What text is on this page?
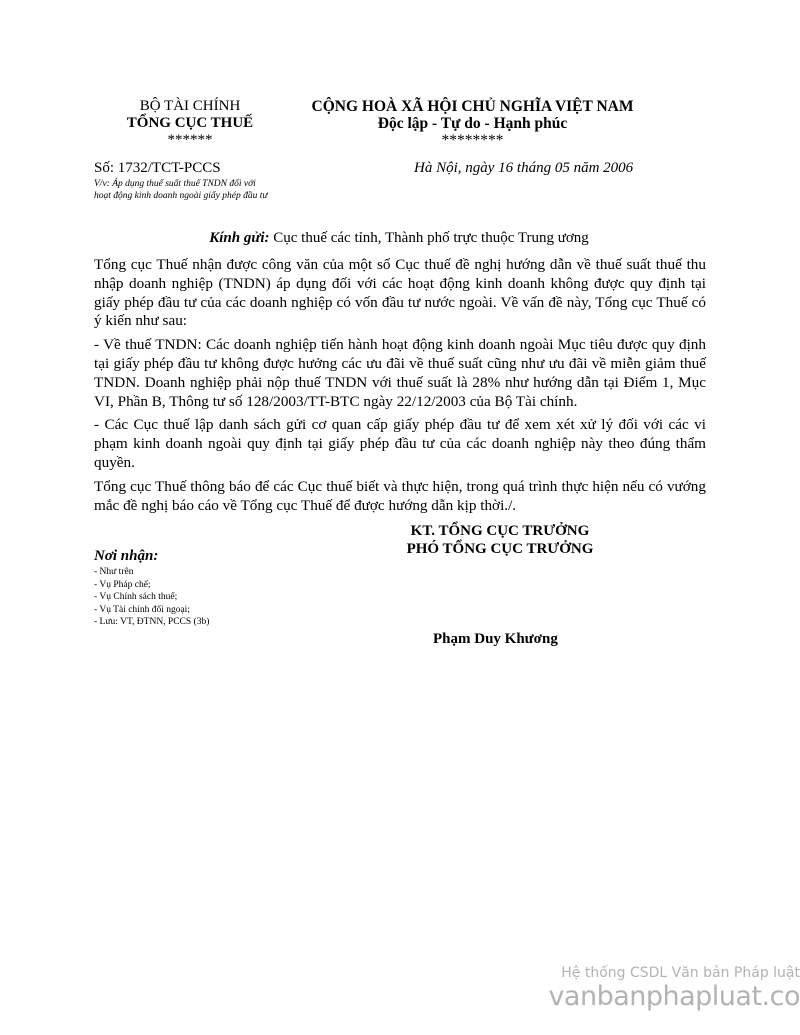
BỘ TÀI CHÍNH
TỔNG CỤC THUẾ
******
CỘNG HOÀ XÃ HỘI CHỦ NGHĨA VIỆT NAM
Độc lập - Tự do - Hạnh phúc
********
Số: 1732/TCT-PCCS	Hà Nội, ngày 16 tháng 05 năm 2006
V/v: Áp dụng thuế suất thuế TNDN đối với
hoạt động kinh doanh ngoài giấy phép đầu tư
Kính gửi: Cục thuế các tỉnh, Thành phố trực thuộc Trung ương

Tổng cục Thuế nhận được công văn của một số Cục thuế đề nghị hướng dẫn về thuế suất thuế thu nhập doanh nghiệp (TNDN) áp dụng đối với các hoạt động kinh doanh không được quy định tại giấy phép đầu tư của các doanh nghiệp có vốn đầu tư nước ngoài. Về vấn đề này, Tổng cục Thuế có ý kiến như sau:

- Về thuế TNDN: Các doanh nghiệp tiến hành hoạt động kinh doanh ngoài Mục tiêu được quy định tại giấy phép đầu tư không được hưởng các ưu đãi về thuế suất cũng như ưu đãi về miễn giảm thuế TNDN. Doanh nghiệp phải nộp thuế TNDN với thuế suất là 28% như hướng dẫn tại Điểm 1, Mục VI, Phần B, Thông tư số 128/2003/TT-BTC ngày 22/12/2003 của Bộ Tài chính.

- Các Cục thuế lập danh sách gửi cơ quan cấp giấy phép đầu tư để xem xét xử lý đối với các vi phạm kinh doanh ngoài quy định tại giấy phép đầu tư của các doanh nghiệp này theo đúng thẩm quyền.

Tổng cục Thuế thông báo để các Cục thuế biết và thực hiện, trong quá trình thực hiện nếu có vướng mắc đề nghị báo cáo về Tổng cục Thuế để được hướng dẫn kịp thời./.

KT. TỔNG CỤC TRƯỞNG
PHÓ TỔNG CỤC TRƯỞNG
Nơi nhận:
- Như trên
- Vụ Pháp chế;
- Vụ Chính sách thuế;
- Vụ Tài chính đối ngoại;
- Lưu: VT, ĐTNN, PCCS (3b)
Phạm Duy Khương
Hệ thống CSDL Văn bản Pháp luật
vanbanphapluat.co
